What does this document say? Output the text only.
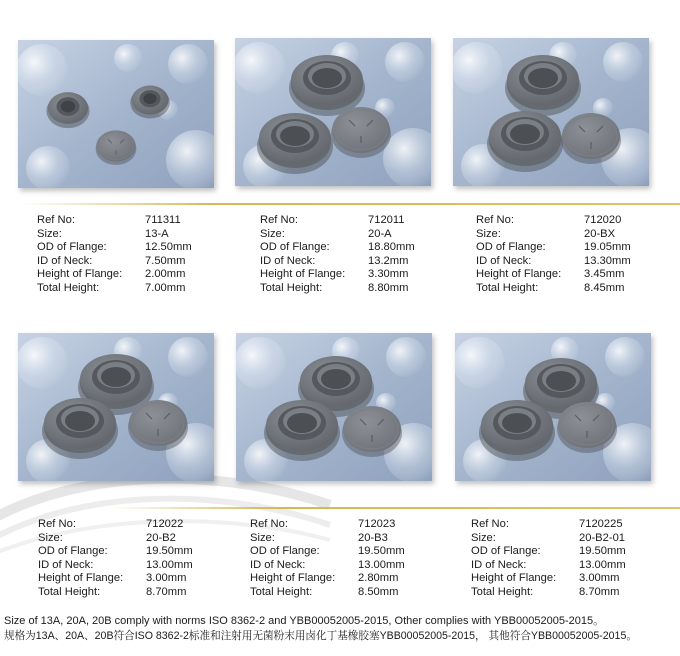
Ref No:	711311
Size:	13-A
OD of Flange:	12.50mm
ID of Neck:	7.50mm
Height of Flange:	2.00mm
Total Height:	7.00mm
Ref No:	712011
Size:	20-A
OD of Flange:	18.80mm
ID of Neck:	13.2mm
Height of Flange:	3.30mm
Total Height:	8.80mm
Ref No:	712020
Size:	20-BX
OD of Flange:	19.05mm
ID of Neck:	13.30mm
Height of Flange:	3.45mm
Total Height:	8.45mm
Ref No:	712022
Size:	20-B2
OD of Flange:	19.50mm
ID of Neck:	13.00mm
Height of Flange:	3.00mm
Total Height:	8.70mm
Ref No:	712023
Size:	20-B3
OD of Flange:	19.50mm
ID of Neck:	13.00mm
Height of Flange:	2.80mm
Total Height:	8.50mm
Ref No:	7120225
Size:	20-B2-01
OD of Flange:	19.50mm
ID of Neck:	13.00mm
Height of Flange:	3.00mm
Total Height:	8.70mm
Size of 13A, 20A, 20B comply with norms ISO 8362-2 and YBB00052005-2015, Other complies with YBB00052005-2015。
规格为13A、20A、20B符合ISO 8362-2标准和注射用无菌粉末用卤化丁基橡胶塞YBB00052005-2015， 其他符合YBB00052005-2015。
